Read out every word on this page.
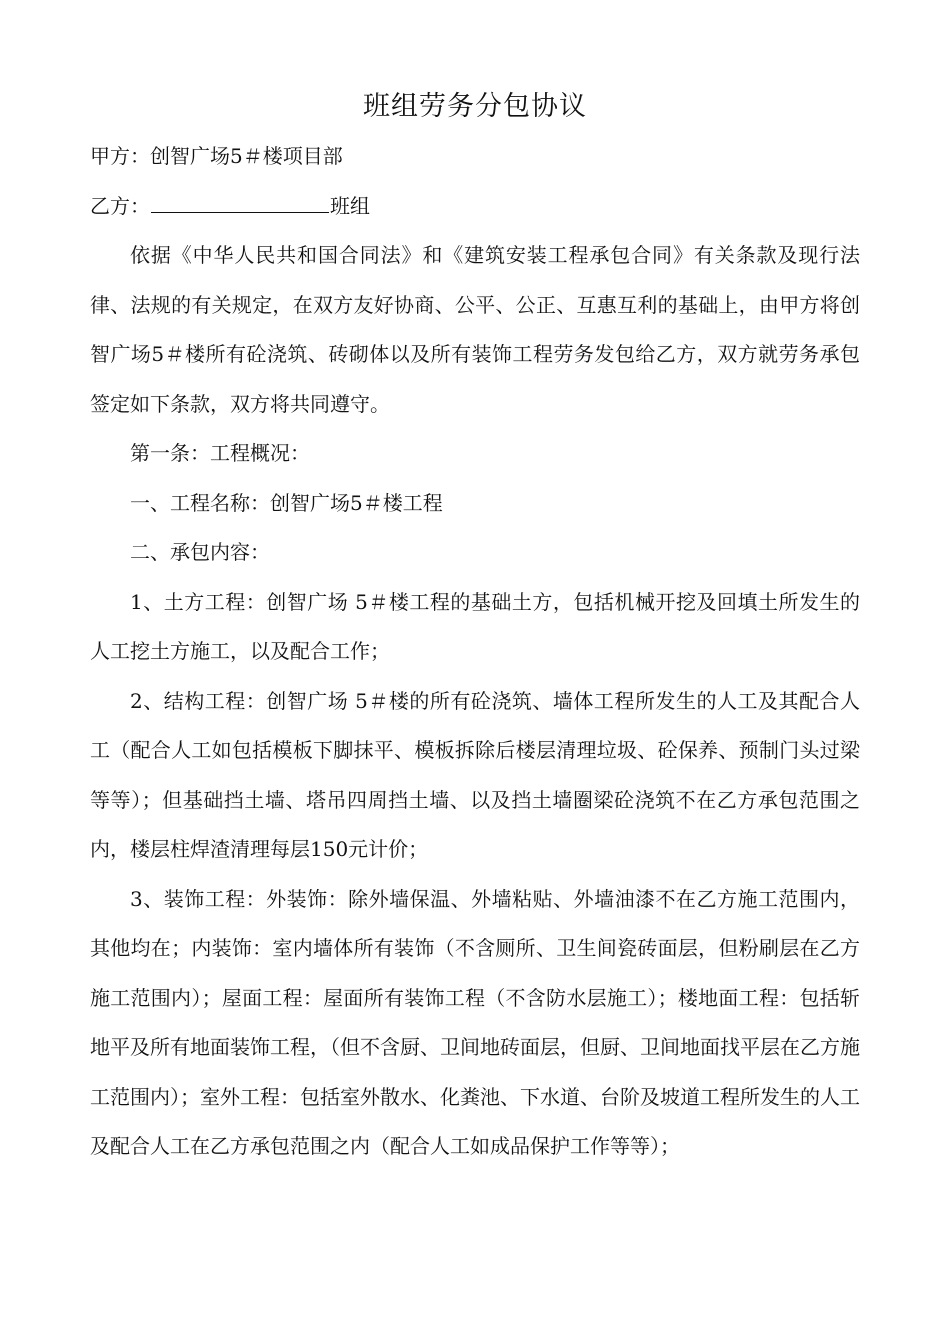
班组劳务分包协议

甲方：创智广场5＃楼项目部

乙方：	班组

依据《中华人民共和国合同法》和《建筑安装工程承包合同》有关条款及现行法律、法规的有关规定，在双方友好协商、公平、公正、互惠互利的基础上，由甲方将创智广场5＃楼所有砼浇筑、砖砌体以及所有装饰工程劳务发包给乙方，双方就劳务承包签定如下条款，双方将共同遵守。

第一条：工程概况：

一、工程名称：创智广场5＃楼工程

二、承包内容：

1、土方工程：创智广场 5＃楼工程的基础土方，包括机械开挖及回填土所发生的人工挖土方施工，以及配合工作；

2、结构工程：创智广场 5＃楼的所有砼浇筑、墙体工程所发生的人工及其配合人工（配合人工如包括模板下脚抹平、模板拆除后楼层清理垃圾、砼保养、预制门头过梁等等）；但基础挡土墙、塔吊四周挡土墙、以及挡土墙圈梁砼浇筑不在乙方承包范围之内，楼层柱焊渣清理每层150元计价；

3、装饰工程：外装饰：除外墙保温、外墙粘贴、外墙油漆不在乙方施工范围内，其他均在；内装饰：室内墙体所有装饰（不含厕所、卫生间瓷砖面层，但粉刷层在乙方施工范围内）；屋面工程：屋面所有装饰工程（不含防水层施工）；楼地面工程：包括斩地平及所有地面装饰工程，（但不含厨、卫间地砖面层，但厨、卫间地面找平层在乙方施工范围内）；室外工程：包括室外散水、化粪池、下水道、台阶及坡道工程所发生的人工及配合人工在乙方承包范围之内（配合人工如成品保护工作等等）；
